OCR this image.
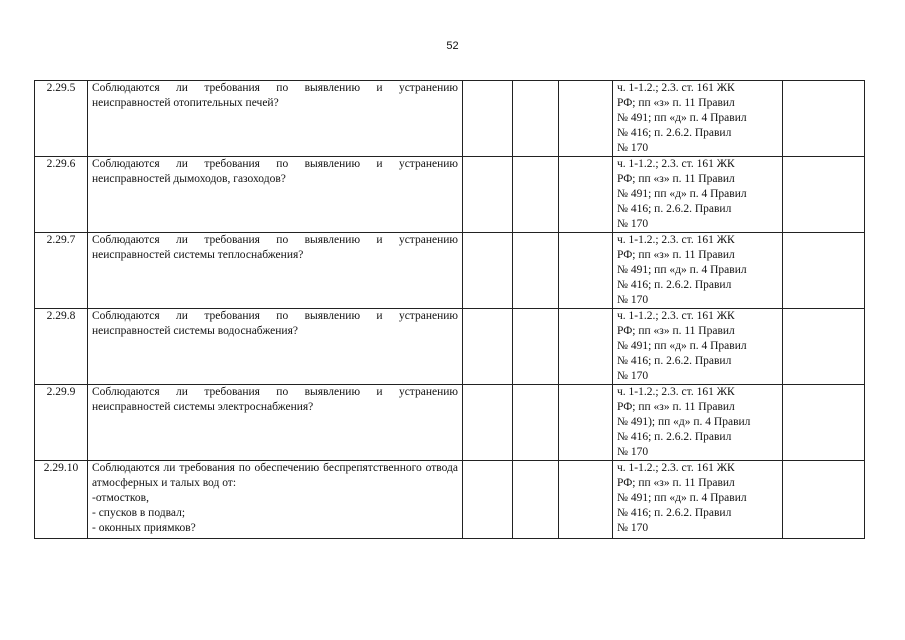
52
2.29.5	Соблюдаются ли требования по выявлению и устранению неисправностей отопительных печей?				ч. 1-1.2.; 2.3. ст. 161 ЖК
РФ; пп «з» п. 11 Правил
№ 491; пп «д» п. 4 Правил
№ 416; п. 2.6.2. Правил
№ 170	

2.29.6	Соблюдаются ли требования по выявлению и устранению неисправностей дымоходов, газоходов?				ч. 1-1.2.; 2.3. ст. 161 ЖК
РФ; пп «з» п. 11 Правил
№ 491; пп «д» п. 4 Правил
№ 416; п. 2.6.2. Правил
№ 170	

2.29.7	Соблюдаются ли требования по выявлению и устранению неисправностей системы теплоснабжения?				ч. 1-1.2.; 2.3. ст. 161 ЖК
РФ; пп «з» п. 11 Правил
№ 491; пп «д» п. 4 Правил
№ 416; п. 2.6.2. Правил
№ 170	

2.29.8	Соблюдаются ли требования по выявлению и устранению неисправностей системы водоснабжения?				ч. 1-1.2.; 2.3. ст. 161 ЖК
РФ; пп «з» п. 11 Правил
№ 491; пп «д» п. 4 Правил
№ 416; п. 2.6.2. Правил
№ 170	

2.29.9	Соблюдаются ли требования по выявлению и устранению неисправностей системы электроснабжения?				ч. 1-1.2.; 2.3. ст. 161 ЖК
РФ; пп «з» п. 11 Правил
№ 491); пп «д» п. 4 Правил
№ 416; п. 2.6.2. Правил
№ 170	

2.29.10	Соблюдаются ли требования по обеспечению беспрепятственного отвода атмосферных и талых вод от:
-отмостков,
- спусков в подвал;
- оконных приямков?				ч. 1-1.2.; 2.3. ст. 161 ЖК
РФ; пп «з» п. 11 Правил
№ 491; пп «д» п. 4 Правил
№ 416; п. 2.6.2. Правил
№ 170	
